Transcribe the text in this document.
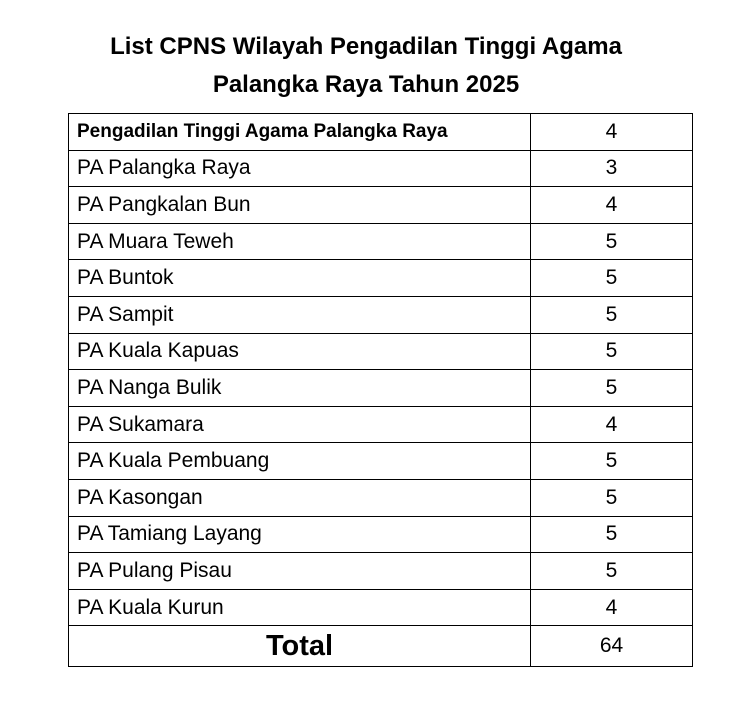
List CPNS Wilayah Pengadilan Tinggi Agama
Palangka Raya Tahun 2025
Pengadilan Tinggi Agama Palangka Raya	4
PA Palangka Raya	3
PA Pangkalan Bun	4
PA Muara Teweh	5
PA Buntok	5
PA Sampit	5
PA Kuala Kapuas	5
PA Nanga Bulik	5
PA Sukamara	4
PA Kuala Pembuang	5
PA Kasongan	5
PA Tamiang Layang	5
PA Pulang Pisau	5
PA Kuala Kurun	4
Total	64
